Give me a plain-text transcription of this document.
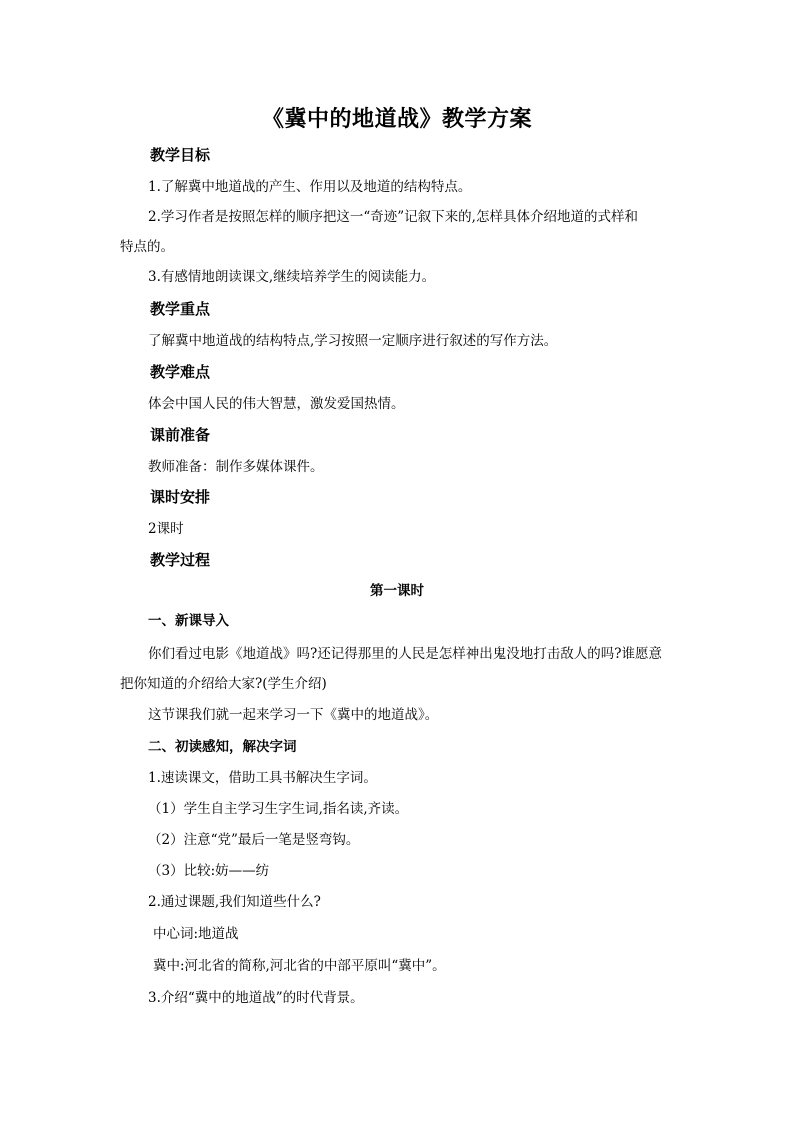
《冀中的地道战》教学方案
教学目标
1.了解冀中地道战的产生、作用以及地道的结构特点。
2.学习作者是按照怎样的顺序把这一“奇迹”记叙下来的,怎样具体介绍地道的式样和
特点的。
3.有感情地朗读课文,继续培养学生的阅读能力。
教学重点
了解冀中地道战的结构特点,学习按照一定顺序进行叙述的写作方法。
教学难点
体会中国人民的伟大智慧，激发爱国热情。
课前准备
教师准备：制作多媒体课件。
课时安排
2课时
教学过程
第一课时
一、新课导入
你们看过电影《地道战》吗?还记得那里的人民是怎样神出鬼没地打击敌人的吗?谁愿意
把你知道的介绍给大家?(学生介绍)
这节课我们就一起来学习一下《冀中的地道战》。
二、初读感知，解决字词
1.速读课文，借助工具书解决生字词。
（1）学生自主学习生字生词,指名读,齐读。
（2）注意“党”最后一笔是竖弯钩。
（3）比较:妨——纺
2.通过课题,我们知道些什么?
中心词:地道战
冀中:河北省的简称,河北省的中部平原叫“冀中”。
3.介绍“冀中的地道战”的时代背景。
